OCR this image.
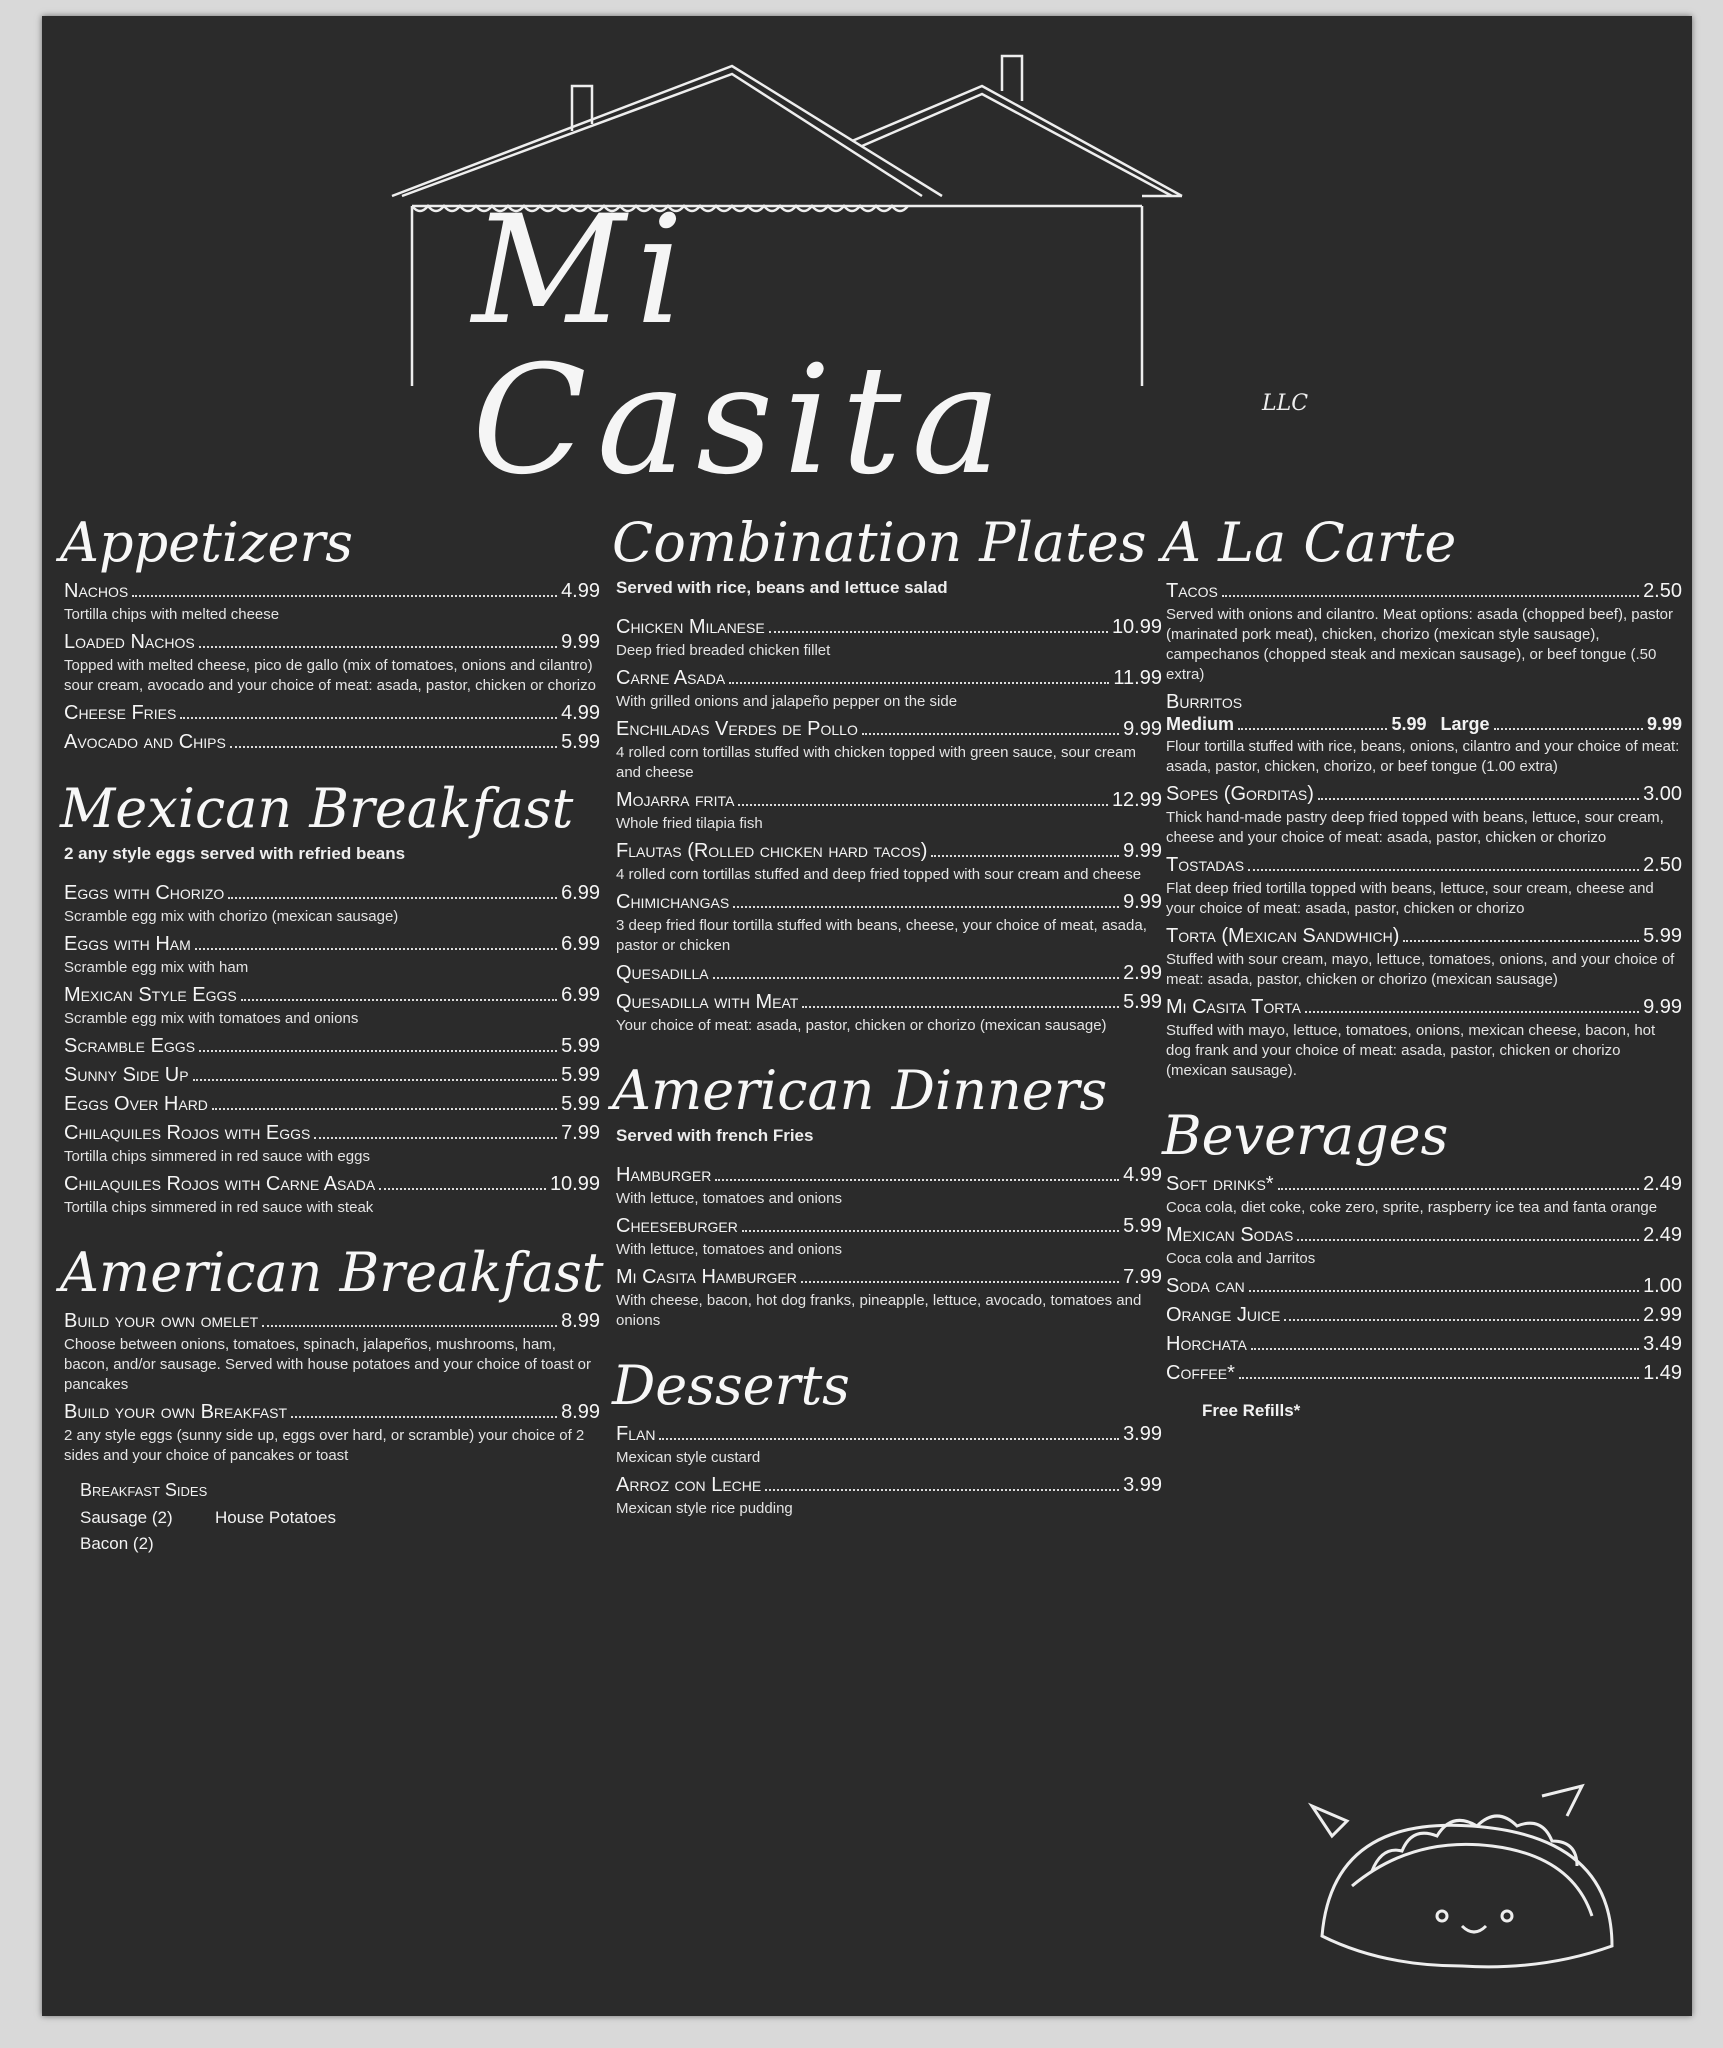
Mi Casita	LLC
Appetizers
Nachos	4.99
Tortilla chips with melted cheese
Loaded Nachos	9.99
Topped with melted cheese, pico de gallo (mix of tomatoes, onions and cilantro) sour cream, avocado and your choice of meat: asada, pastor, chicken or chorizo
Cheese Fries	4.99
Avocado and Chips	5.99
Mexican Breakfast
2 any style eggs served with refried beans
Eggs with Chorizo	6.99
Scramble egg mix with chorizo (mexican sausage)
Eggs with Ham	6.99
Scramble egg mix with ham
Mexican Style Eggs	6.99
Scramble egg mix with tomatoes and onions
Scramble Eggs	5.99
Sunny Side Up	5.99
Eggs Over Hard	5.99
Chilaquiles Rojos with Eggs	7.99
Tortilla chips simmered in red sauce with eggs
Chilaquiles Rojos with Carne Asada	10.99
Tortilla chips simmered in red sauce with steak
American Breakfast
Build your own omelet	8.99
Choose between onions, tomatoes, spinach, jalapeños, mushrooms, ham, bacon, and/or sausage. Served with house potatoes and your choice of toast or pancakes
Build your own Breakfast	8.99
2 any style eggs (sunny side up, eggs over hard, or scramble) your choice of 2 sides and your choice of pancakes or toast
Breakfast Sides
Sausage (2) House Potatoes
Bacon (2)
Combination Plates
Served with rice, beans and lettuce salad
Chicken Milanese	10.99
Deep fried breaded chicken fillet
Carne Asada	11.99
With grilled onions and jalapeño pepper on the side
Enchiladas Verdes de Pollo	9.99
4 rolled corn tortillas stuffed with chicken topped with green sauce, sour cream and cheese
Mojarra frita	12.99
Whole fried tilapia fish
Flautas (Rolled chicken hard tacos)	9.99
4 rolled corn tortillas stuffed and deep fried topped with sour cream and cheese
Chimichangas	9.99
3 deep fried flour tortilla stuffed with beans, cheese, your choice of meat, asada, pastor or chicken
Quesadilla	2.99
Quesadilla with Meat	5.99
Your choice of meat: asada, pastor, chicken or chorizo (mexican sausage)
American Dinners
Served with french Fries
Hamburger	4.99
With lettuce, tomatoes and onions
Cheeseburger	5.99
With lettuce, tomatoes and onions
Mi Casita Hamburger	7.99
With cheese, bacon, hot dog franks, pineapple, lettuce, avocado, tomatoes and onions
Desserts
Flan	3.99
Mexican style custard
Arroz con Leche	3.99
Mexican style rice pudding
A La Carte
Tacos	2.50
Served with onions and cilantro. Meat options: asada (chopped beef), pastor (marinated pork meat), chicken, chorizo (mexican style sausage), campechanos (chopped steak and mexican sausage), or beef tongue (.50 extra)
Burritos
Medium	5.99 Large	9.99
Flour tortilla stuffed with rice, beans, onions, cilantro and your choice of meat: asada, pastor, chicken, chorizo, or beef tongue (1.00 extra)
Sopes (Gorditas)	3.00
Thick hand-made pastry deep fried topped with beans, lettuce, sour cream, cheese and your choice of meat: asada, pastor, chicken or chorizo
Tostadas	2.50
Flat deep fried tortilla topped with beans, lettuce, sour cream, cheese and your choice of meat: asada, pastor, chicken or chorizo
Torta (Mexican Sandwhich)	5.99
Stuffed with sour cream, mayo, lettuce, tomatoes, onions, and your choice of meat: asada, pastor, chicken or chorizo (mexican sausage)
Mi Casita Torta	9.99
Stuffed with mayo, lettuce, tomatoes, onions, mexican cheese, bacon, hot dog frank and your choice of meat: asada, pastor, chicken or chorizo (mexican sausage).
Beverages
Soft drinks*	2.49
Coca cola, diet coke, coke zero, sprite, raspberry ice tea and fanta orange
Mexican Sodas	2.49
Coca cola and Jarritos
Soda can	1.00
Orange Juice	2.99
Horchata	3.49
Coffee*	1.49
Free Refills*
